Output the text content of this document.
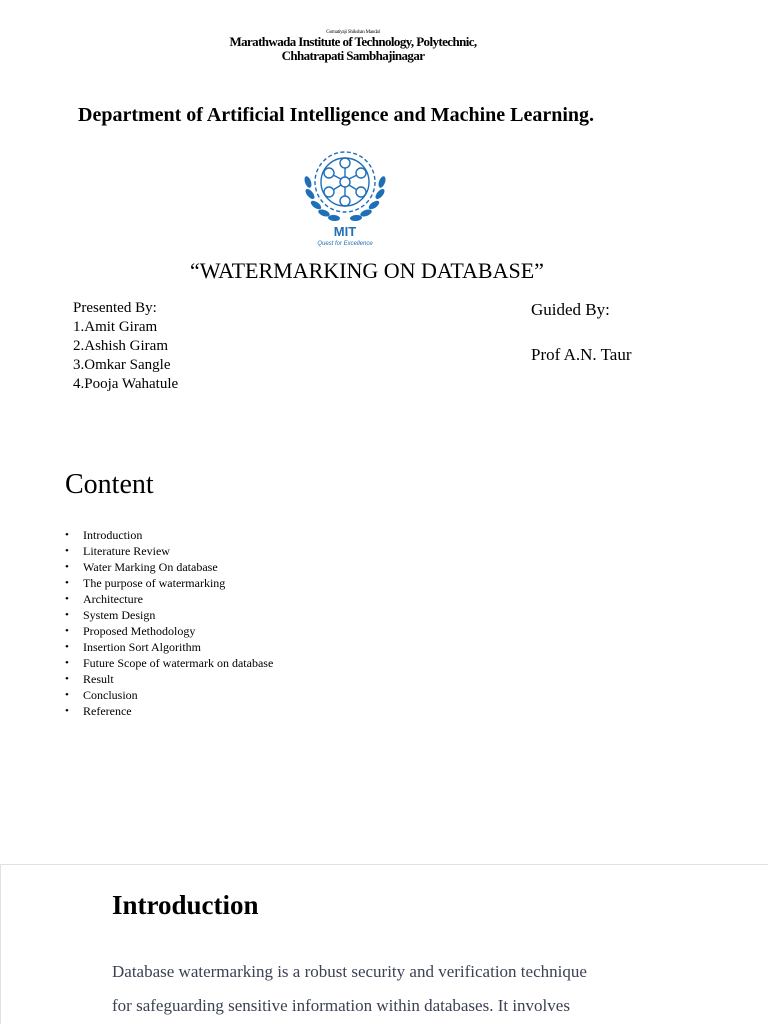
Gomatiyaji Shikshan Mandal
Marathwada Institute of Technology, Polytechnic,
Chhatrapati Sambhajinagar
Department of Artificial Intelligence and Machine Learning.
MIT
Quest for Excellence
“WATERMARKING ON DATABASE”
Presented By:
1.Amit Giram
2.Ashish Giram
3.Omkar Sangle
4.Pooja Wahatule
Guided By:
Prof A.N. Taur
Content
• Introduction
• Literature Review
• Water Marking On database
• The purpose of watermarking
• Architecture
• System Design
• Proposed Methodology
• Insertion Sort Algorithm
• Future Scope of watermark on database
• Result
• Conclusion
• Reference
Introduction
Database watermarking is a robust security and verification technique
for safeguarding sensitive information within databases. It involves
